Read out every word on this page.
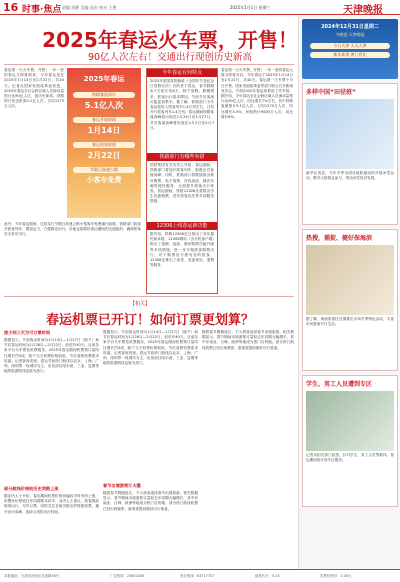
16 时事·焦点 责编 周静 美编 邱东 校对 王艳	2025年1月1日 星期三	天津晚报
2025年春运火车票，开售！
90亿人次左右！交通出行现创历史新高
春运第一天火车票，开售！一年一度的春运又即将到来，今年春运是在2025年1月14日至2月22日，共40天。记者从国家发展改革委获悉，2025年春运全社会跨区域人员流动量预计达90亿人次，创历史新高。铁路预计发送旅客5.1亿人次，日均1275万人次。
2025年春运
铁路客流预计
5.1亿人次
春运开始时间
1月14日
春运结束时间
2月22日
节假日高速公路
小客车免费
今年春运有何特点
2025年是国务院修改《全国年节及纪念日放假办法》后的首个春运，春节假期由7天延长至8天，除夕放假。假期增多，旅客出行需求增加，节前节后客流可能更加集中。据了解，铁路部门今年春运将投入旅客列车1.4万列左右，日均开行旅客列车1.4万列。春运期间铁路客流高峰将出现在1月24日至1月27日，节后客流高峰将出现在2月2日至2月7日。
铁路部门有哪些举措
国铁集团有关负责人介绍，春运期间，铁路部门将加开旅客列车，积极应对客流高峰。同时，铁路部门将继续推出候补购票、电子客票、在线选座、静音车厢等便民服务，全面提升旅客出行体验。春运期间，铁路12306还将推出学生优惠购票、老年旅客优先等多项服务措施。
12306上线春运新功能
据介绍，铁路12306近日推出了务实便民新举措。12306网站（含手机客户端）推出了选铺、选座、候补购票功能升级等多项措施，进一步方便旅客购票出行。对于购票后行程有变的旅客，12306还推出了改签、变更到站、退票等服务。
春运第一天火车票，开售！一年一度的春运大幕又即将开启。今年春运于2025年1月14日至2月22日，共40天。春运第一天车票于今日开售。国家发展改革委等部门联合召开新闻发布会，介绍2025年春运形势及工作安排。据介绍，今年春运全社会跨区域人员流动量预计达90亿人次，同比增长7%左右，其中铁路客流预计5.1亿人次，日均1275万人次，同比增长5.5%；民航预计9000万人次，同比增长6%。
此外，今年春运期间，还将实行节假日高速公路小型客车免费通行政策。铁路部门将加开旅客列车，增加运力，方便群众出行。各地也将做好春运期间的交通组织，确保旅客安全有序出行。
【相关】
春运机票已开订！如何订票更划算？
旅少到三天为可订票时间
数据显示，节前客运时间为1月14日—1月27日（除夕）和节后春运时间为1月28日—2月22日，前后有40天。目前各家平台火车票及机票服务，2025年春运期间机票预订量同比增长约3成，除夕当天机票价格较低，节后返程机票需求旺盛。记者查询发现，春运节前热门航线以北京、上海、广州、深圳等一线城市为主，出发前往哈尔滨、三亚、昆明等地的旅游航线也较为热门。
部分航线价格较历史同期上涨
据业内人士介绍，春运期间机票价格普遍较平时有所上涨，但整体价格较往年同期基本持平。业内人士建议，旅客提前规划出行，尽早订票，同时关注各航司推出的特惠机票，避开出行高峰，选择合适的出行时间。
数据显示，节前客运时间为1月14日—1月27日（除夕）和节后春运时间为1月28日—2月22日，前后有40天。目前各家平台火车票及机票服务，2025年春运期间机票预订量同比增长约3成，除夕当天机票价格较低，节后返程机票需求旺盛。记者查询发现，春运节前热门航线以北京、上海、广州、深圳等一线城市为主，出发前往哈尔滨、三亚、昆明等地的旅游航线也较为热门。
春节出境游预订火爆
随着春节假期延长，不少游客选择春节出境旅游。相关数据显示，春节期间出境游预订量较去年同期大幅增长，其中东南亚、日韩、欧洲等地成为热门目的地。部分热门航线机票已经出现紧张，游客需提前做好出行准备。
随着春节假期延长，不少游客选择春节出境旅游。相关数据显示，春节期间出境游预订量较去年同期大幅增长，其中东南亚、日韩、欧洲等地成为热门目的地。部分热门航线机票已经出现紧张，游客需提前做好出行准备。
2024年12月31日星期二
今晚报·天津晚报
今日天津 天天天津
新年新景 津门有礼
多样中国“田径班”
新华社消息，今年冬季全国各地积极组织开展冰雪运动，吸引大批群众参与，带动冰雪经济发展。
热搜，捕捉、健好保海滨
据了解，海滨旅游区近期推出多项冬季特色活动，丰富市民游客节日生活。
学生、男工人员遭到专区
记者从相关部门获悉，针对学生、务工人员等群体，春运期间将开设专区服务。
本报地址：天津市河西区友谊路46号	广告热线：23602000	发行热线：83717707	邮发代号：5-15	零售价每份：1.00元
